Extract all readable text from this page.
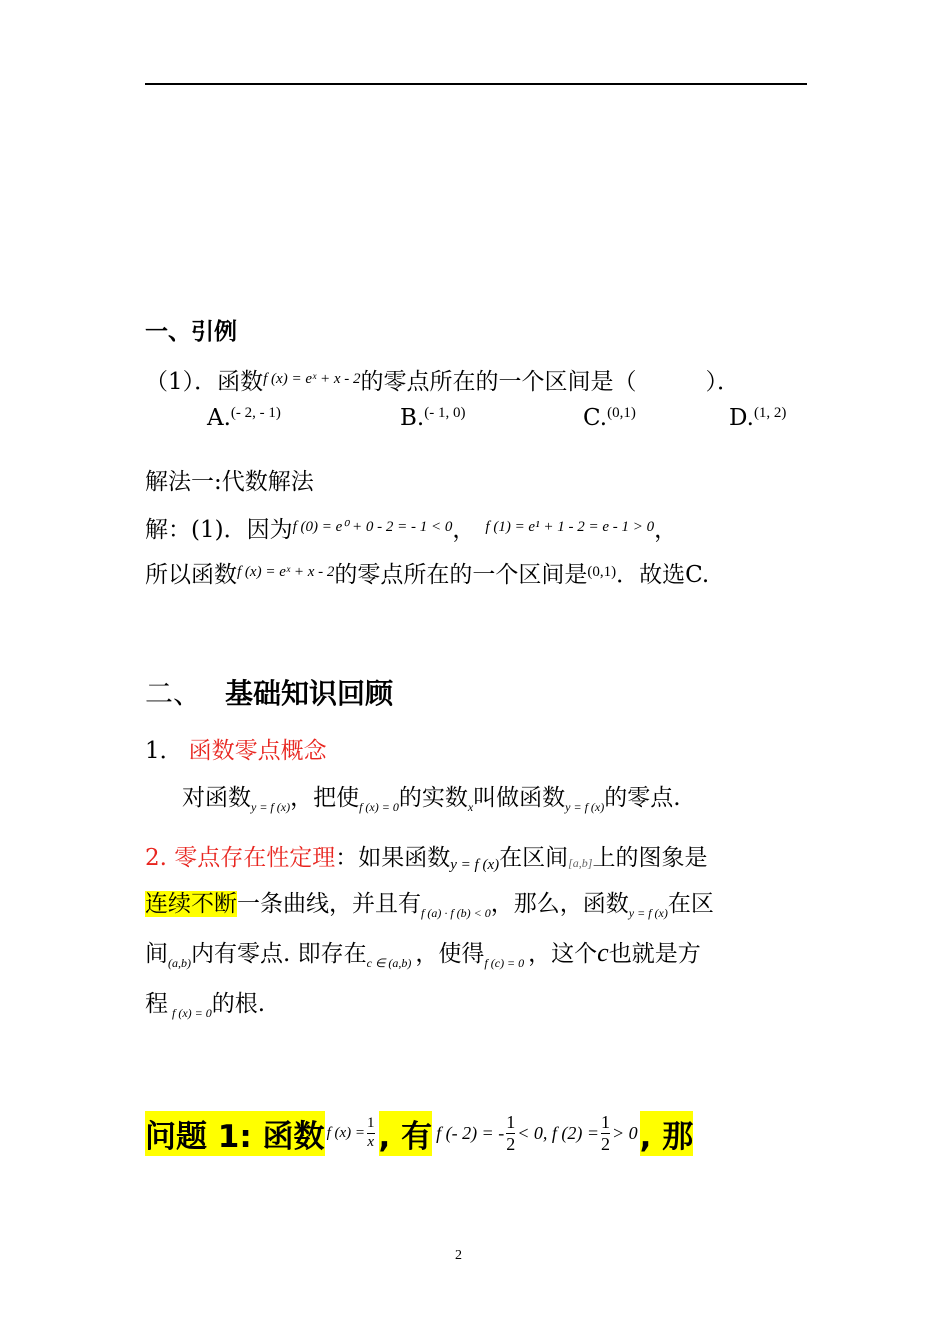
一、引例
（1）．函数$^{f (x) = eˣ + x - 2}$的零点所在的一个区间是（　　　）．
A.$^{(- 2, - 1)}$	B.$^{(- 1, 0)}$	C.$^{(0,1)}$	D.$^{(1, 2)}$
解法一:代数解法
解：(1)．因为$^{f (0) = e^0 + 0 - 2 = - 1 < 0}$， $^{f (1) = e^1 + 1 - 2 = e - 1 > 0}$，
所以函数$^{f (x) = eˣ + x - 2}$的零点所在的一个区间是$^{(0,1)}$．故选C.
二、 基础知识回顾
1． 函数零点概念
对函数$_{y = f (x)}$，把使$_{f (x) = 0}$的实数$_x$叫做函数$_{y = f (x)}$的零点.
2. 零点存在性定理：如果函数y = f (x)在区间[a,b]上的图象是
连续不断一条曲线，并且有$_{f (a) \cdot f (b) < 0}$，那么，函数$_{y = f (x)}$在区
间$_{(a,b)}$内有零点. 即存在$_{c \in (a,b)}$ ，使得$_{f (c) = 0}$ ，这个c也就是方
程 $_{f (x) = 0}$的根.
问题 1: 函数 f $(x) = \frac{1}{x}$ , 有 f (- 2) = - $\frac{1}{2} < 0$, f $(2) = \frac{1}{2} > 0$ , 那
2
